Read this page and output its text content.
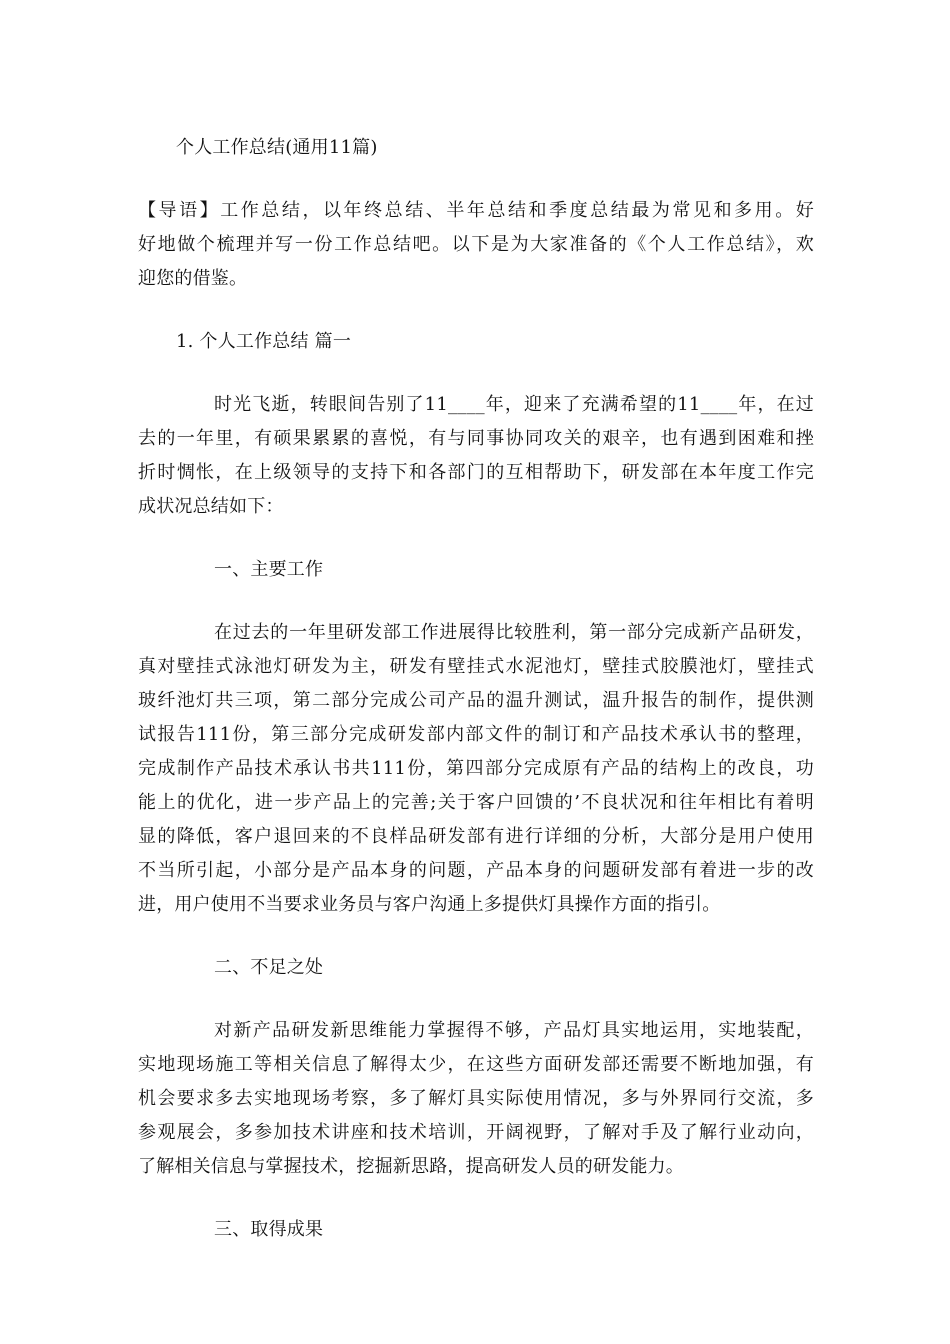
个人工作总结(通用11篇)
【导语】工作总结，以年终总结、半年总结和季度总结最为常见和多用。好
好地做个梳理并写一份工作总结吧。以下是为大家准备的《个人工作总结》，欢
迎您的借鉴。
1. 个人工作总结 篇一
时光飞逝，转眼间告别了11____年，迎来了充满希望的11____年，在过
去的一年里，有硕果累累的喜悦，有与同事协同攻关的艰辛，也有遇到困难和挫
折时惆怅，在上级领导的支持下和各部门的互相帮助下，研发部在本年度工作完
成状况总结如下：
一、主要工作
在过去的一年里研发部工作进展得比较胜利，第一部分完成新产品研发，
真对壁挂式泳池灯研发为主，研发有壁挂式水泥池灯，壁挂式胶膜池灯，壁挂式
玻纤池灯共三项，第二部分完成公司产品的温升测试，温升报告的制作，提供测
试报告111份，第三部分完成研发部内部文件的制订和产品技术承认书的整理，
完成制作产品技术承认书共111份，第四部分完成原有产品的结构上的改良，功
能上的优化，进一步产品上的完善;关于客户回馈的’不良状况和往年相比有着明
显的降低，客户退回来的不良样品研发部有进行详细的分析，大部分是用户使用
不当所引起，小部分是产品本身的问题，产品本身的问题研发部有着进一步的改
进，用户使用不当要求业务员与客户沟通上多提供灯具操作方面的指引。
二、不足之处
对新产品研发新思维能力掌握得不够，产品灯具实地运用，实地装配，
实地现场施工等相关信息了解得太少，在这些方面研发部还需要不断地加强，有
机会要求多去实地现场考察，多了解灯具实际使用情况，多与外界同行交流，多
参观展会，多参加技术讲座和技术培训，开阔视野，了解对手及了解行业动向，
了解相关信息与掌握技术，挖掘新思路，提高研发人员的研发能力。
三、取得成果
